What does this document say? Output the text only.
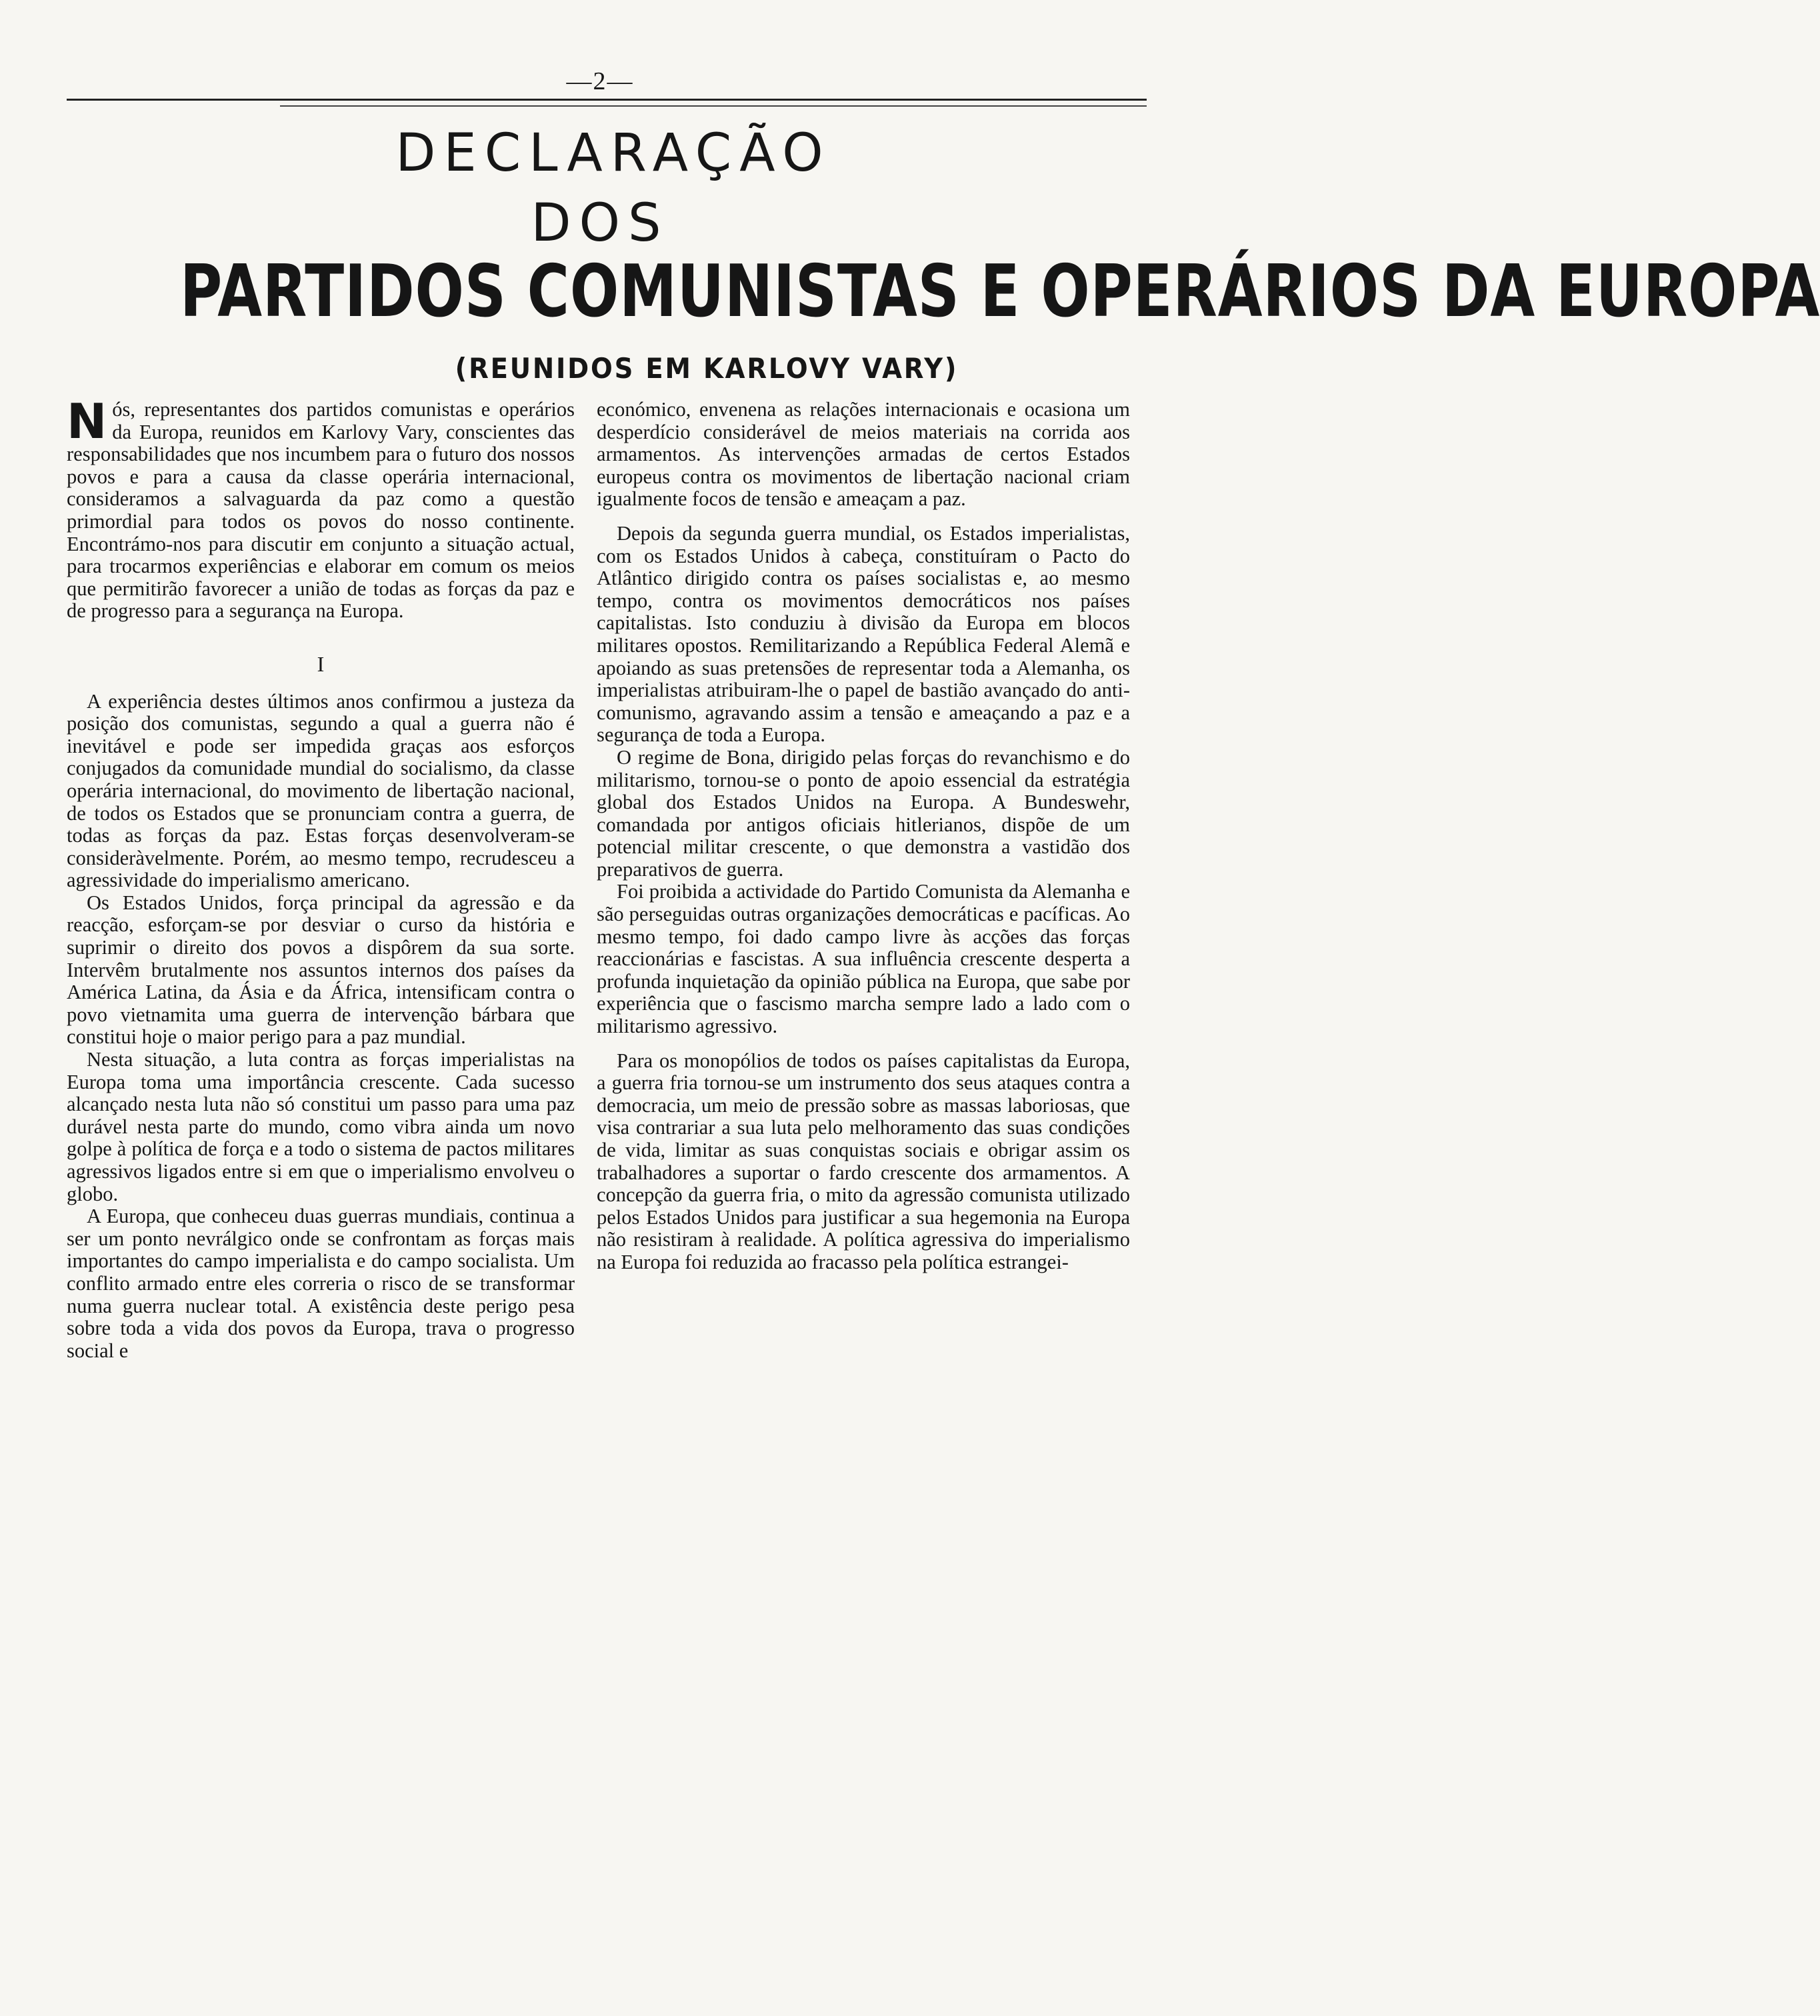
—2—
DECLARAÇÃO
DOS
PARTIDOS COMUNISTAS E OPERÁRIOS DA EUROPA
(REUNIDOS EM KARLOVY VARY)

Nós, representantes dos partidos comunistas e operários da Europa, reunidos em Karlovy Vary, conscientes das responsabilidades que nos incumbem para o futuro dos nossos povos e para a causa da classe operária internacional, consideramos a salvaguarda da paz como a questão primordial para todos os povos do nosso continente. Encontrámo-nos para discutir em conjunto a situação actual, para trocarmos experiências e elaborar em comum os meios que permitirão favorecer a união de todas as forças da paz e de progresso para a segurança na Europa.

I

A experiência destes últimos anos confirmou a justeza da posição dos comunistas, segundo a qual a guerra não é inevitável e pode ser impedida graças aos esforços conjugados da comunidade mundial do socialismo, da classe operária internacional, do movimento de libertação nacional, de todos os Estados que se pronunciam contra a guerra, de todas as forças da paz. Estas forças desenvolveram-se consideràvelmente. Porém, ao mesmo tempo, recrudesceu a agressividade do imperialismo americano.

Os Estados Unidos, força principal da agressão e da reacção, esforçam-se por desviar o curso da história e suprimir o direito dos povos a dispôrem da sua sorte. Intervêm brutalmente nos assuntos internos dos países da América Latina, da Ásia e da África, intensificam contra o povo vietnamita uma guerra de intervenção bárbara que constitui hoje o maior perigo para a paz mundial.

Nesta situação, a luta contra as forças imperialistas na Europa toma uma importância crescente. Cada sucesso alcançado nesta luta não só constitui um passo para uma paz durável nesta parte do mundo, como vibra ainda um novo golpe à política de força e a todo o sistema de pactos militares agressivos ligados entre si em que o imperialismo envolveu o globo.

A Europa, que conheceu duas guerras mundiais, continua a ser um ponto nevrálgico onde se confrontam as forças mais importantes do campo imperialista e do campo socialista. Um conflito armado entre eles correria o risco de se transformar numa guerra nuclear total. A existência deste perigo pesa sobre toda a vida dos povos da Europa, trava o progresso social e

económico, envenena as relações internacionais e ocasiona um desperdício considerável de meios materiais na corrida aos armamentos. As intervenções armadas de certos Estados europeus contra os movimentos de libertação nacional criam igualmente focos de tensão e ameaçam a paz.

Depois da segunda guerra mundial, os Estados imperialistas, com os Estados Unidos à cabeça, constituíram o Pacto do Atlântico dirigido contra os países socialistas e, ao mesmo tempo, contra os movimentos democráticos nos países capitalistas. Isto conduziu à divisão da Europa em blocos militares opostos. Remilitarizando a República Federal Alemã e apoiando as suas pretensões de representar toda a Alemanha, os imperialistas atribuiram-lhe o papel de bastião avançado do anti-comunismo, agravando assim a tensão e ameaçando a paz e a segurança de toda a Europa.

O regime de Bona, dirigido pelas forças do revanchismo e do militarismo, tornou-se o ponto de apoio essencial da estratégia global dos Estados Unidos na Europa. A Bundeswehr, comandada por antigos oficiais hitlerianos, dispõe de um potencial militar crescente, o que demonstra a vastidão dos preparativos de guerra.

Foi proibida a actividade do Partido Comunista da Alemanha e são perseguidas outras organizações democráticas e pacíficas. Ao mesmo tempo, foi dado campo livre às acções das forças reaccionárias e fascistas. A sua influência crescente desperta a profunda inquietação da opinião pública na Europa, que sabe por experiência que o fascismo marcha sempre lado a lado com o militarismo agressivo.

Para os monopólios de todos os países capitalistas da Europa, a guerra fria tornou-se um instrumento dos seus ataques contra a democracia, um meio de pressão sobre as massas laboriosas, que visa contrariar a sua luta pelo melhoramento das suas condições de vida, limitar as suas conquistas sociais e obrigar assim os trabalhadores a suportar o fardo crescente dos armamentos. A concepção da guerra fria, o mito da agressão comunista utilizado pelos Estados Unidos para justificar a sua hegemonia na Europa não resistiram à realidade. A política agressiva do imperialismo na Europa foi reduzida ao fracasso pela política estrangei-
